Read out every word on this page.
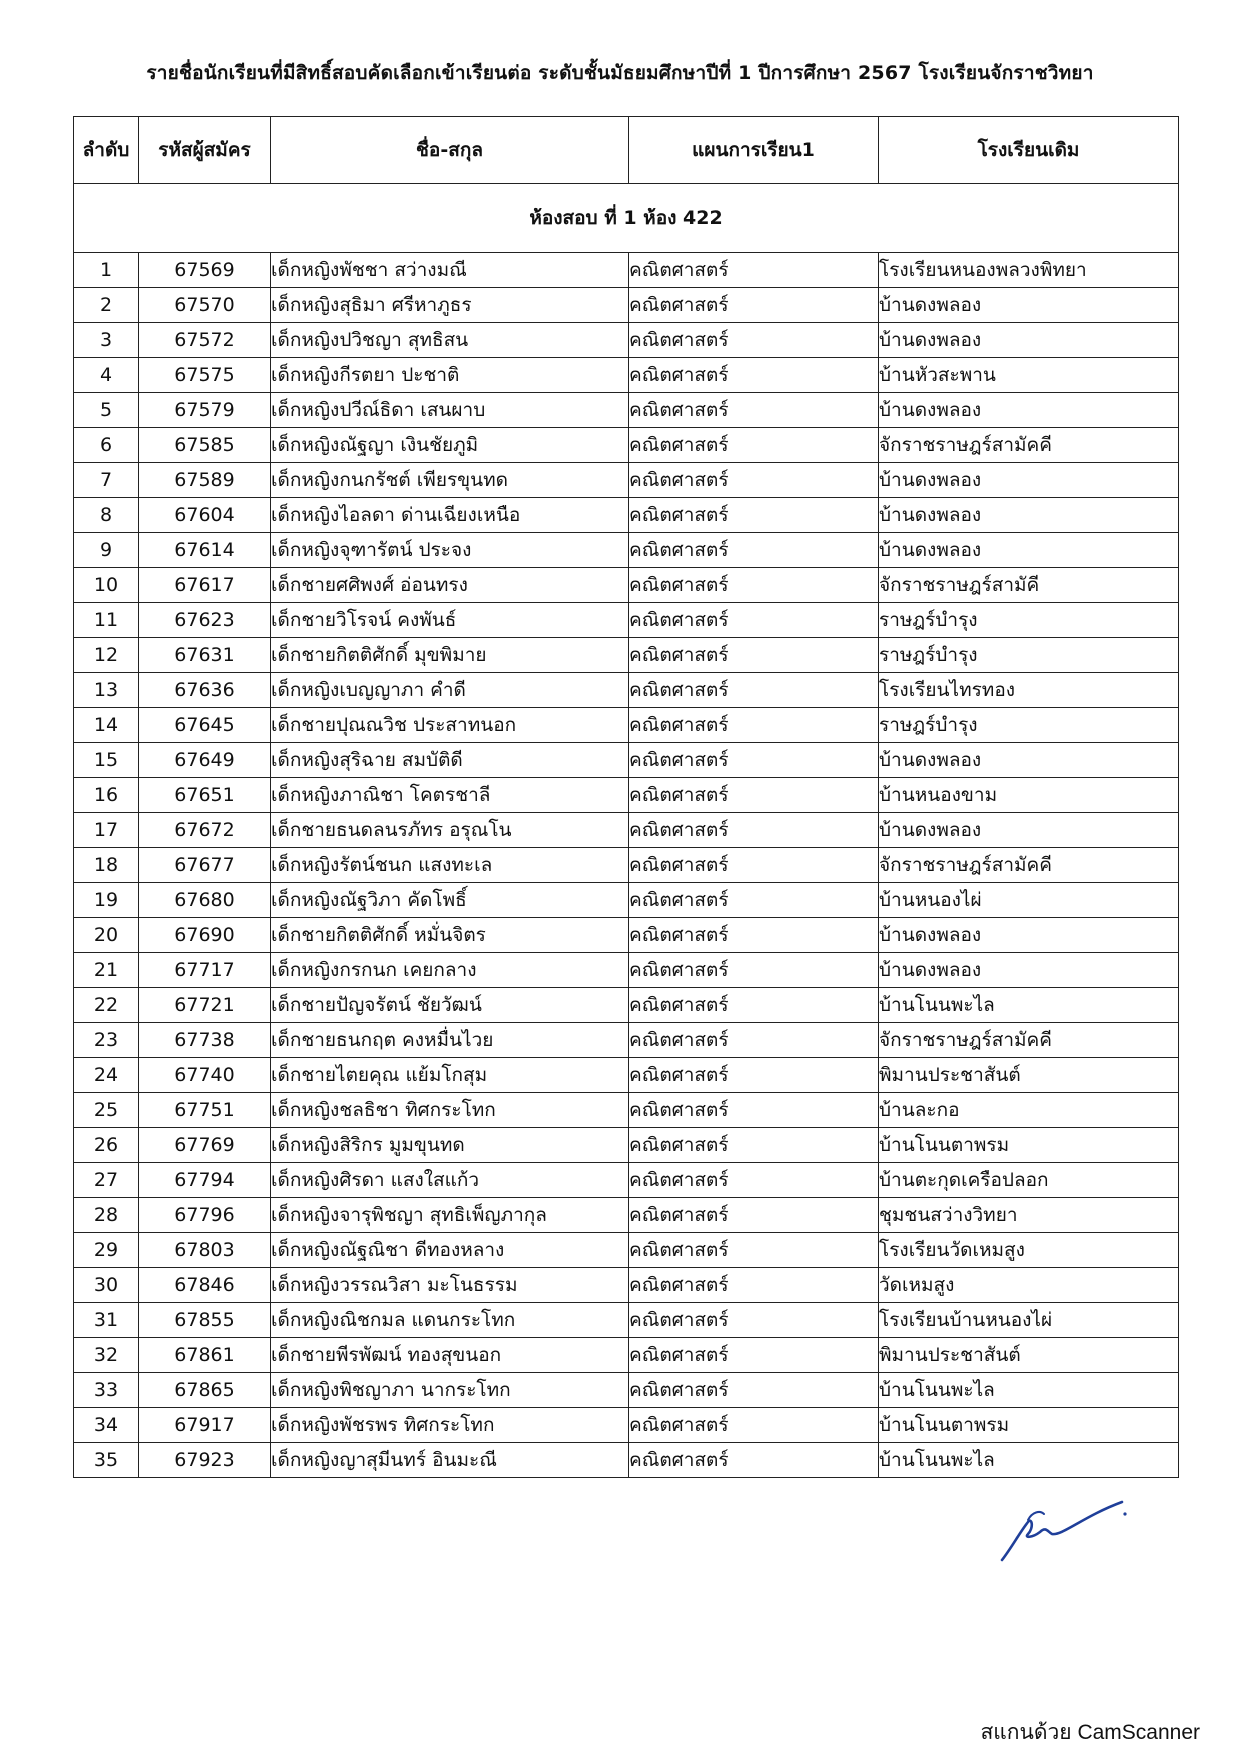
รายชื่อนักเรียนที่มีสิทธิ์สอบคัดเลือกเข้าเรียนต่อ ระดับชั้นมัธยมศึกษาปีที่ 1 ปีการศึกษา 2567 โรงเรียนจักราชวิทยา
ลำดับ	รหัสผู้สมัคร	ชื่อ-สกุล	แผนการเรียน1	โรงเรียนเดิม
ห้องสอบ ที่ 1 ห้อง 422				
1	67569	เด็กหญิงพัชชา สว่างมณี	คณิตศาสตร์	โรงเรียนหนองพลวงพิทยา
2	67570	เด็กหญิงสุธิมา ศรีหาภูธร	คณิตศาสตร์	บ้านดงพลอง
3	67572	เด็กหญิงปวิชญา สุทธิสน	คณิตศาสตร์	บ้านดงพลอง
4	67575	เด็กหญิงกีรตยา ปะชาติ	คณิตศาสตร์	บ้านหัวสะพาน
5	67579	เด็กหญิงปวีณ์ธิดา เสนผาบ	คณิตศาสตร์	บ้านดงพลอง
6	67585	เด็กหญิงณัฐญา เงินชัยภูมิ	คณิตศาสตร์	จักราชราษฎร์สามัคคี
7	67589	เด็กหญิงกนกรัชต์ เพียรขุนทด	คณิตศาสตร์	บ้านดงพลอง
8	67604	เด็กหญิงไอลดา ด่านเฉียงเหนือ	คณิตศาสตร์	บ้านดงพลอง
9	67614	เด็กหญิงจุฑารัตน์ ประจง	คณิตศาสตร์	บ้านดงพลอง
10	67617	เด็กชายศศิพงศ์ อ่อนทรง	คณิตศาสตร์	จักราชราษฎร์สามัคี
11	67623	เด็กชายวิโรจน์ คงพันธ์	คณิตศาสตร์	ราษฎร์บำรุง
12	67631	เด็กชายกิตติศักดิ์ มุขพิมาย	คณิตศาสตร์	ราษฎร์บำรุง
13	67636	เด็กหญิงเบญญาภา คำดี	คณิตศาสตร์	โรงเรียนไทรทอง
14	67645	เด็กชายปุณณวิช ประสาทนอก	คณิตศาสตร์	ราษฎร์บำรุง
15	67649	เด็กหญิงสุริฉาย สมบัติดี	คณิตศาสตร์	บ้านดงพลอง
16	67651	เด็กหญิงภาณิชา โคตรชาลี	คณิตศาสตร์	บ้านหนองขาม
17	67672	เด็กชายธนดลนรภัทร อรุณโน	คณิตศาสตร์	บ้านดงพลอง
18	67677	เด็กหญิงรัตน์ชนก แสงทะเล	คณิตศาสตร์	จักราชราษฎร์สามัคคี
19	67680	เด็กหญิงณัฐวิภา คัดโพธิ์	คณิตศาสตร์	บ้านหนองไผ่
20	67690	เด็กชายกิตติศักดิ์ หมั่นจิตร	คณิตศาสตร์	บ้านดงพลอง
21	67717	เด็กหญิงกรกนก เคยกลาง	คณิตศาสตร์	บ้านดงพลอง
22	67721	เด็กชายปัญจรัตน์ ชัยวัฒน์	คณิตศาสตร์	บ้านโนนพะไล
23	67738	เด็กชายธนกฤต คงหมื่นไวย	คณิตศาสตร์	จักราชราษฎร์สามัคคี
24	67740	เด็กชายไตยคุณ แย้มโกสุม	คณิตศาสตร์	พิมานประชาสันต์
25	67751	เด็กหญิงชลธิชา ทิศกระโทก	คณิตศาสตร์	บ้านละกอ
26	67769	เด็กหญิงสิริกร มูมขุนทด	คณิตศาสตร์	บ้านโนนตาพรม
27	67794	เด็กหญิงศิรดา แสงใสแก้ว	คณิตศาสตร์	บ้านตะกุดเครือปลอก
28	67796	เด็กหญิงจารุพิชญา สุทธิเพ็ญภากุล	คณิตศาสตร์	ชุมชนสว่างวิทยา
29	67803	เด็กหญิงณัฐณิชา ดีทองหลาง	คณิตศาสตร์	โรงเรียนวัดเหมสูง
30	67846	เด็กหญิงวรรณวิสา มะโนธรรม	คณิตศาสตร์	วัดเหมสูง
31	67855	เด็กหญิงณิชกมล แดนกระโทก	คณิตศาสตร์	โรงเรียนบ้านหนองไผ่
32	67861	เด็กชายพีรพัฒน์ ทองสุขนอก	คณิตศาสตร์	พิมานประชาสันต์
33	67865	เด็กหญิงพิชญาภา นากระโทก	คณิตศาสตร์	บ้านโนนพะไล
34	67917	เด็กหญิงพัชรพร ทิศกระโทก	คณิตศาสตร์	บ้านโนนตาพรม
35	67923	เด็กหญิงญาสุมีนทร์ อินมะณี	คณิตศาสตร์	บ้านโนนพะไล
สแกนด้วย CamScanner
